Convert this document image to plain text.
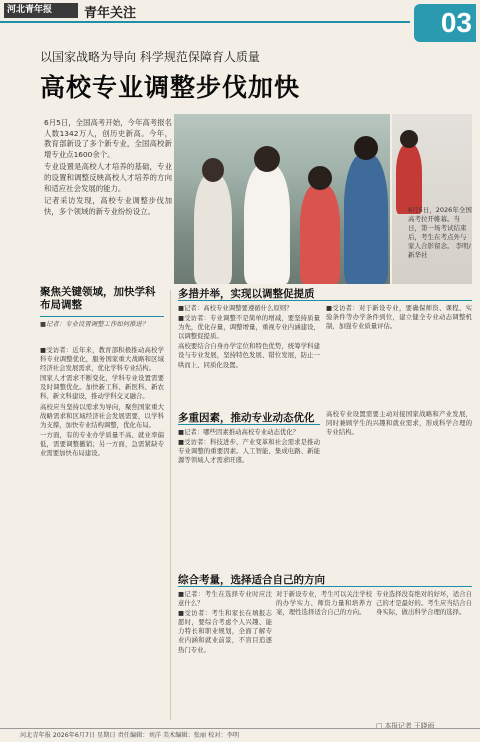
河北青年报	青年关注	03
以国家战略为导向 科学规范保障育人质量
高校专业调整步伐加快

6月5日，全国高考开始，今年高考报名人数1342万人，创历史新高。今年，教育部新设了多个新专业，全国高校新增专业点1600余个。

专业设置是高校人才培养的基础，专业的设置和调整反映高校人才培养的方向和适应社会发展的能力。

记者采访发现，高校专业调整步伐加快，多个领域的新专业纷纷设立。	6月5日，2026年全国高考拉开帷幕。当日，第一场考试结束后，考生在考点外与家人合影留念。 李明/新华社
聚焦关键领域，加快学科布局调整
■记者：专业设置调整工作如何推进？

■受访者：近年来，教育部积极推动高校学科专业调整优化，服务国家重大战略和区域经济社会发展需求，优化学科专业结构。

国家人才需求不断变化，学科专业设置需要及时调整优化。加快新工科、新医科、新农科、新文科建设，推动学科交叉融合。

高校应当坚持以需求为导向，聚焦国家重大战略需求和区域经济社会发展需要，以学科为支撑，加快专业结构调整，优化布局。

一方面，有的专业办学质量不高、就业率偏低，需要调整撤销；另一方面，急需紧缺专业需要加快布局建设。

多措并举，实现以调整促提质

■记者：高校专业调整要遵循什么原则？

■受访者：专业调整不是简单的增减，要坚持质量为先，优化存量，调整增量，重视专业内涵建设，以调整促提质。

高校要结合自身办学定位和特色优势，统筹学科建设与专业发展，坚持特色发展、错位发展，防止一哄而上、同质化设置。

■受访者：对于新设专业，要确保师资、课程、实验条件等办学条件到位，建立健全专业动态调整机制，加强专业质量评估。

多重因素，推动专业动态优化

■记者：哪些因素推动高校专业动态优化？

■受访者：科技进步、产业变革和社会需求是推动专业调整的重要因素。人工智能、集成电路、新能源等领域人才需求旺盛。

高校专业设置需要主动对接国家战略和产业发展，同时兼顾学生的兴趣和就业需求，形成科学合理的专业结构。

综合考量，选择适合自己的方向

■记者：考生在选择专业时应注意什么？

■受访者：考生和家长在填报志愿时，要综合考虑个人兴趣、能力特长和职业规划，全面了解专业内涵和就业前景，不盲目追逐热门专业。

对于新设专业，考生可以关注学校的办学实力、师资力量和培养方案，理性选择适合自己的方向。

专业选择没有绝对的好坏，适合自己的才是最好的。考生应当结合自身实际，做出科学合理的选择。

□ 本报记者 王晓雨
河北青年报 2026年6月7日 星期日 责任编辑：刘洋 美术编辑：张丽 校对：李明
